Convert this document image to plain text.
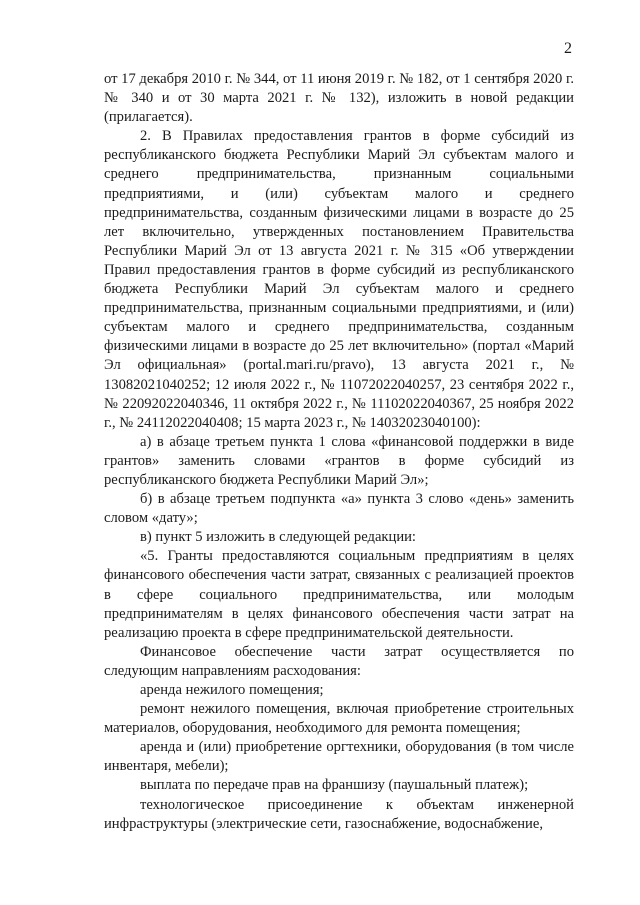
2

от 17 декабря 2010 г. № 344, от 11 июня 2019 г. № 182, от 1 сентября 2020 г. № 340 и от 30 марта 2021 г. № 132), изложить в новой редакции (прилагается).

2. В Правилах предоставления грантов в форме субсидий из республиканского бюджета Республики Марий Эл субъектам малого и среднего предпринимательства, признанным социальными предприятиями, и (или) субъектам малого и среднего предпринимательства, созданным физическими лицами в возрасте до 25 лет включительно, утвержденных постановлением Правительства Республики Марий Эл от 13 августа 2021 г. № 315 «Об утверждении Правил предоставления грантов в форме субсидий из республиканского бюджета Республики Марий Эл субъектам малого и среднего предпринимательства, признанным социальными предприятиями, и (или) субъектам малого и среднего предпринимательства, созданным физическими лицами в возрасте до 25 лет включительно» (портал «Марий Эл официальная» (portal.mari.ru/pravo), 13 августа 2021 г., № 13082021040252; 12 июля 2022 г., № 11072022040257, 23 сентября 2022 г., № 22092022040346, 11 октября 2022 г., № 11102022040367, 25 ноября 2022 г., № 24112022040408; 15 марта 2023 г., № 14032023040100):

а) в абзаце третьем пункта 1 слова «финансовой поддержки в виде грантов» заменить словами «грантов в форме субсидий из республиканского бюджета Республики Марий Эл»;

б) в абзаце третьем подпункта «а» пункта 3 слово «день» заменить словом «дату»;

в) пункт 5 изложить в следующей редакции:

«5. Гранты предоставляются социальным предприятиям в целях финансового обеспечения части затрат, связанных с реализацией проектов в сфере социального предпринимательства, или молодым предпринимателям в целях финансового обеспечения части затрат на реализацию проекта в сфере предпринимательской деятельности.

Финансовое обеспечение части затрат осуществляется по следующим направлениям расходования:

аренда нежилого помещения;

ремонт нежилого помещения, включая приобретение строительных материалов, оборудования, необходимого для ремонта помещения;

аренда и (или) приобретение оргтехники, оборудования (в том числе инвентаря, мебели);

выплата по передаче прав на франшизу (паушальный платеж);

технологическое присоединение к объектам инженерной инфраструктуры (электрические сети, газоснабжение, водоснабжение,
